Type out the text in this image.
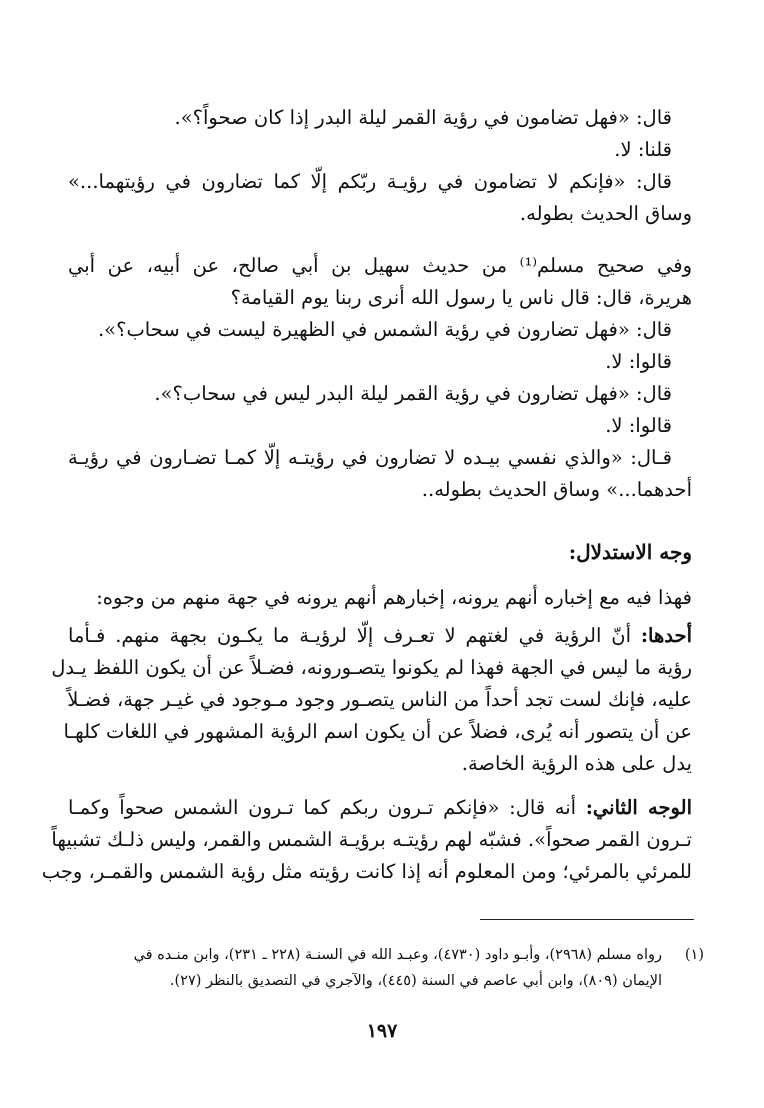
قال: «فهل تضامون في رؤية القمر ليلة البدر إذا كان صحواً؟».
قلنا: لا.
قال: «فإنكم لا تضامون في رؤيـة ربّكم إلّا كما تضارون في رؤيتهما...»
وساق الحديث بطوله.
وفي صحيح مسلم⁽¹⁾ من حديث سهيل بن أبي صالح، عن أبيه، عن أبي
هريرة، قال: قال ناس يا رسول الله أنرى ربنا يوم القيامة؟
قال: «فهل تضارون في رؤية الشمس في الظهيرة ليست في سحاب؟».
قالوا: لا.
قال: «فهل تضارون في رؤية القمر ليلة البدر ليس في سحاب؟».
قالوا: لا.
قـال: «والذي نفسي بيـده لا تضارون في رؤيتـه إلّا كمـا تضـارون في رؤيـة
أحدهما...» وساق الحديث بطوله..
وجه الاستدلال:
فهذا فيه مع إخباره أنهم يرونه، إخبارهم أنهم يرونه في جهة منهم من وجوه:
أحدها: أنّ الرؤية في لغتهم لا تعـرف إلّا لرؤيـة ما يكـون بجهة منهم. فـأما
رؤية ما ليس في الجهة فهذا لم يكونوا يتصـورونه، فضـلاً عن أن يكون اللفظ يـدل
عليه، فإنك لست تجد أحداً من الناس يتصـور وجود مـوجود في غيـر جهة، فضـلاً
عن أن يتصور أنه يُرى، فضلاً عن أن يكون اسم الرؤية المشهور في اللغات كلهـا
يدل على هذه الرؤية الخاصة.
الوجه الثاني: أنه قال: «فإنكم تـرون ربكم كما تـرون الشمس صحواً وكمـا
تـرون القمر صحواً». فشبّه لهم رؤيتـه برؤيـة الشمس والقمر، وليس ذلـك تشبيهاً
للمرئي بالمرئي؛ ومن المعلوم أنه إذا كانت رؤيته مثل رؤية الشمس والقمـر، وجب
(١)رواه مسلم (٢٩٦٨)، وأبـو داود (٤٧٣٠)، وعبـد الله في السنـة (٢٢٨ ـ ٢٣١)، وابن منـده في
الإيمان (٨٠٩)، وابن أبي عاصم في السنة (٤٤٥)، والآجري في التصديق بالنظر (٢٧).
١٩٧
